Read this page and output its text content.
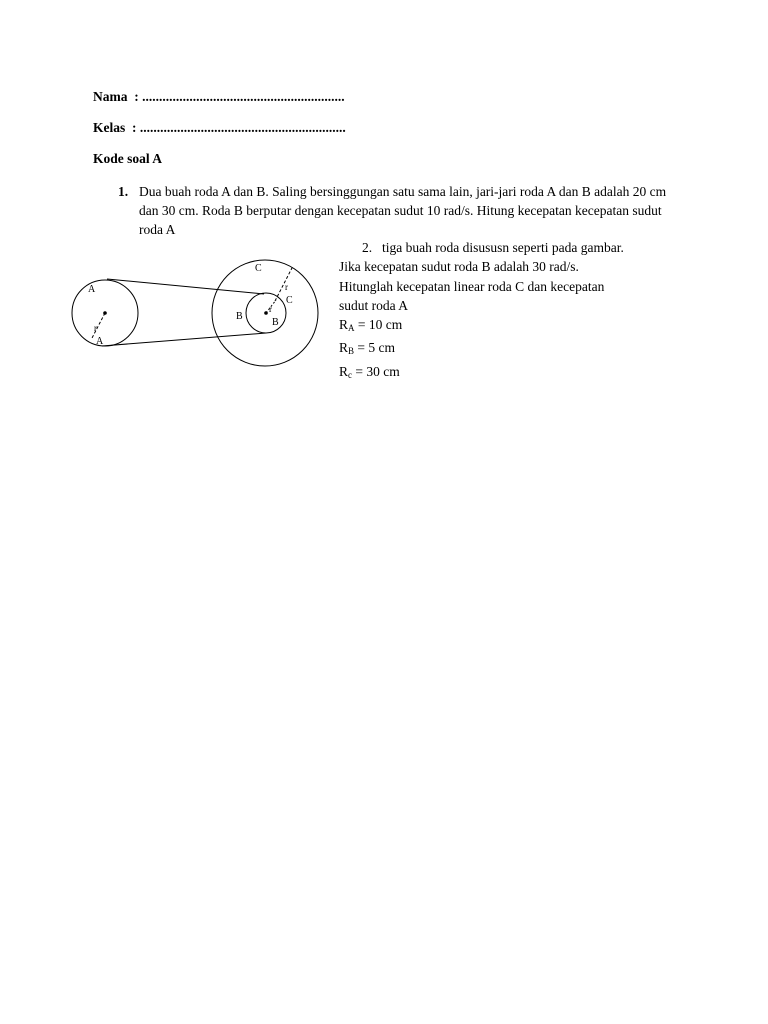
Nama : ............................................................
Kelas : .............................................................
Kode soal A
1. Dua buah roda A dan B. Saling bersinggungan satu sama lain, jari-jari roda A dan B adalah 20 cm dan 30 cm. Roda B berputar dengan kecepatan sudut 10 rad/s. Hitung kecepatan kecepatan sudut roda A
2. tiga buah roda disususn seperti pada gambar.
Jika kecepatan sudut roda B adalah 30 rad/s.
Hitunglah kecepatan linear roda C dan kecepatan
sudut roda A
$R_A = 10$ cm
$R_B = 5$ cm
$R_c = 30$ cm
A
r
A
C
r
C
B
r
B
